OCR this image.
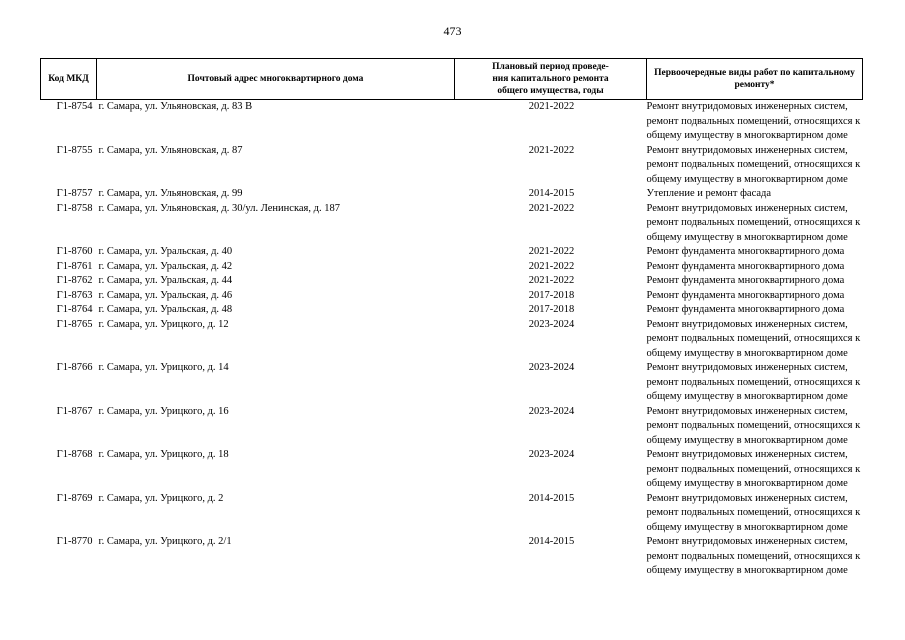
473
Код МКД	Почтовый адрес многоквартирного дома	Плановый период проведе-
ния капитального ремонта
общего имущества, годы	Первоочередные виды работ по капитальному
ремонту*
Г1-8754	г. Самара, ул. Ульяновская, д. 83 В	2021-2022	Ремонт внутридомовых инженерных систем,
ремонт подвальных помещений, относящихся к
общему имуществу в многоквартирном доме
Г1-8755	г. Самара, ул. Ульяновская, д. 87	2021-2022	Ремонт внутридомовых инженерных систем,
ремонт подвальных помещений, относящихся к
общему имуществу в многоквартирном доме
Г1-8757	г. Самара, ул. Ульяновская, д. 99	2014-2015	Утепление и ремонт фасада
Г1-8758	г. Самара, ул. Ульяновская, д. 30/ул. Ленинская, д. 187	2021-2022	Ремонт внутридомовых инженерных систем,
ремонт подвальных помещений, относящихся к
общему имуществу в многоквартирном доме
Г1-8760	г. Самара, ул. Уральская, д. 40	2021-2022	Ремонт фундамента многоквартирного дома
Г1-8761	г. Самара, ул. Уральская, д. 42	2021-2022	Ремонт фундамента многоквартирного дома
Г1-8762	г. Самара, ул. Уральская, д. 44	2021-2022	Ремонт фундамента многоквартирного дома
Г1-8763	г. Самара, ул. Уральская, д. 46	2017-2018	Ремонт фундамента многоквартирного дома
Г1-8764	г. Самара, ул. Уральская, д. 48	2017-2018	Ремонт фундамента многоквартирного дома
Г1-8765	г. Самара, ул. Урицкого, д. 12	2023-2024	Ремонт внутридомовых инженерных систем,
ремонт подвальных помещений, относящихся к
общему имуществу в многоквартирном доме
Г1-8766	г. Самара, ул. Урицкого, д. 14	2023-2024	Ремонт внутридомовых инженерных систем,
ремонт подвальных помещений, относящихся к
общему имуществу в многоквартирном доме
Г1-8767	г. Самара, ул. Урицкого, д. 16	2023-2024	Ремонт внутридомовых инженерных систем,
ремонт подвальных помещений, относящихся к
общему имуществу в многоквартирном доме
Г1-8768	г. Самара, ул. Урицкого, д. 18	2023-2024	Ремонт внутридомовых инженерных систем,
ремонт подвальных помещений, относящихся к
общему имуществу в многоквартирном доме
Г1-8769	г. Самара, ул. Урицкого, д. 2	2014-2015	Ремонт внутридомовых инженерных систем,
ремонт подвальных помещений, относящихся к
общему имуществу в многоквартирном доме
Г1-8770	г. Самара, ул. Урицкого, д. 2/1	2014-2015	Ремонт внутридомовых инженерных систем,
ремонт подвальных помещений, относящихся к
общему имуществу в многоквартирном доме
